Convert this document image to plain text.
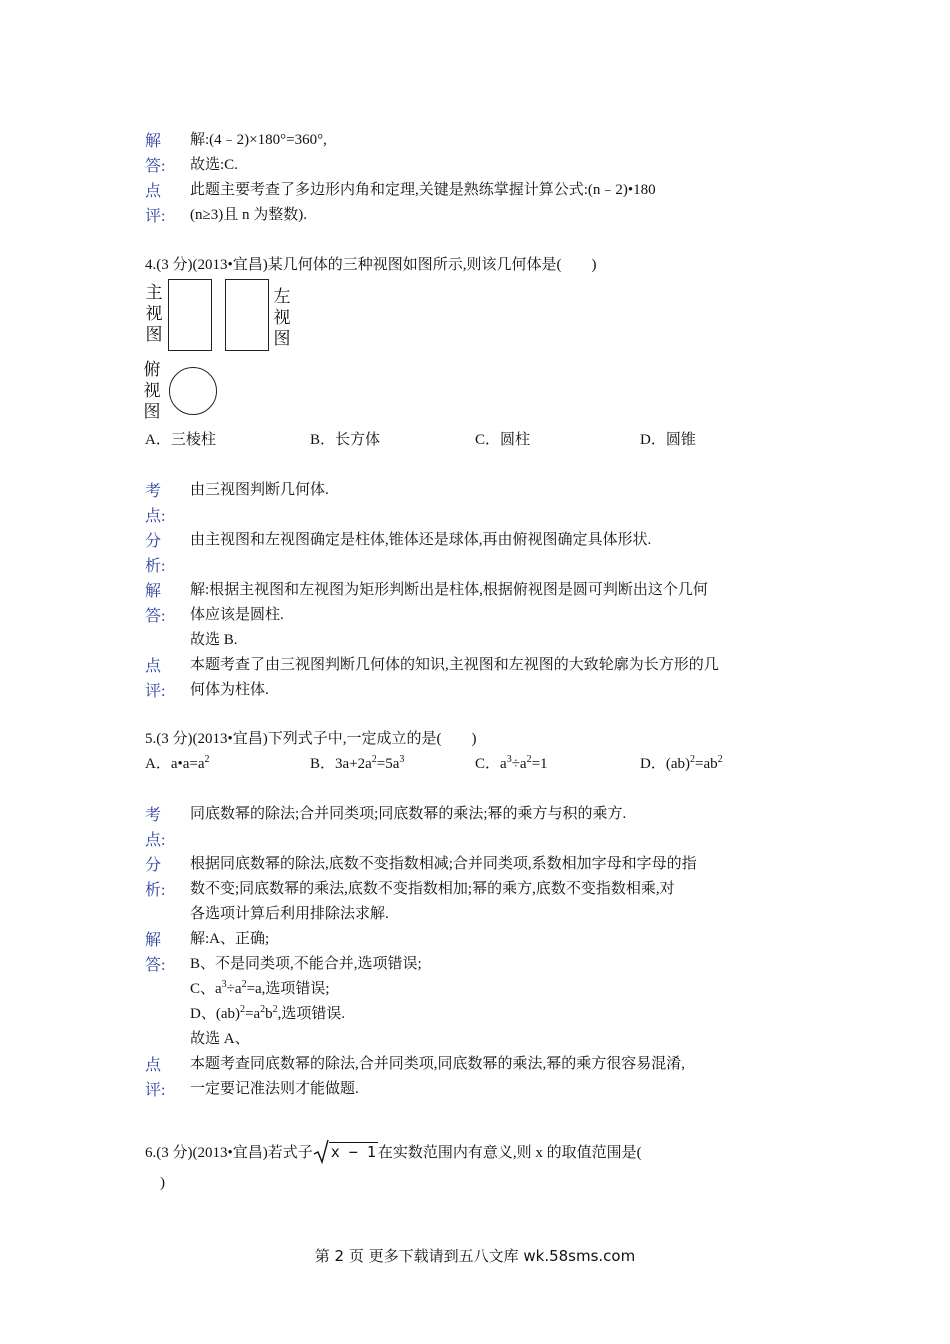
解
答:
解:(4﹣2)×180°=360°,
故选:C.
点
评:
此题主要考查了多边形内角和定理,关键是熟练掌握计算公式:(n﹣2)•180
(n≥3)且 n 为整数).
4.(3 分)(2013•宜昌)某几何体的三种视图如图所示,则该几何体是(　　)
主
视
图
左
视
图
俯
视
图
A．三棱柱	B．长方体	C．圆柱	D．圆锥
考
点:
由三视图判断几何体.
分
析:
由主视图和左视图确定是柱体,锥体还是球体,再由俯视图确定具体形状.
解
答:
解:根据主视图和左视图为矩形判断出是柱体,根据俯视图是圆可判断出这个几何
体应该是圆柱.
故选 B.
点
评:
本题考查了由三视图判断几何体的知识,主视图和左视图的大致轮廓为长方形的几
何体为柱体.
5.(3 分)(2013•宜昌)下列式子中,一定成立的是(　　)
A．$a•a=a^2$	B．$3a+2a^2=5a^3$	C．$a^3\div a^2=1$	D．$(ab)^2=ab^2$
考
点:
同底数幂的除法;合并同类项;同底数幂的乘法;幂的乘方与积的乘方.
分
析:
根据同底数幂的除法,底数不变指数相减;合并同类项,系数相加字母和字母的指
数不变;同底数幂的乘法,底数不变指数相加;幂的乘方,底数不变指数相乘,对
各选项计算后利用排除法求解.
解
答:
解:A、正确;
B、不是同类项,不能合并,选项错误;
C、$a^3\div a^2=a$,选项错误;
D、$(ab)^2=a^2b^2$,选项错误.
故选 A、
点
评:
本题考查同底数幂的除法,合并同类项,同底数幂的乘法,幂的乘方很容易混淆,
一定要记准法则才能做题.
6.(3 分)(2013•宜昌)若式子 x − 1 在实数范围内有意义,则 x 的取值范围是(
)
第 2 页 更多下载请到五八文库 wk.58sms.com
